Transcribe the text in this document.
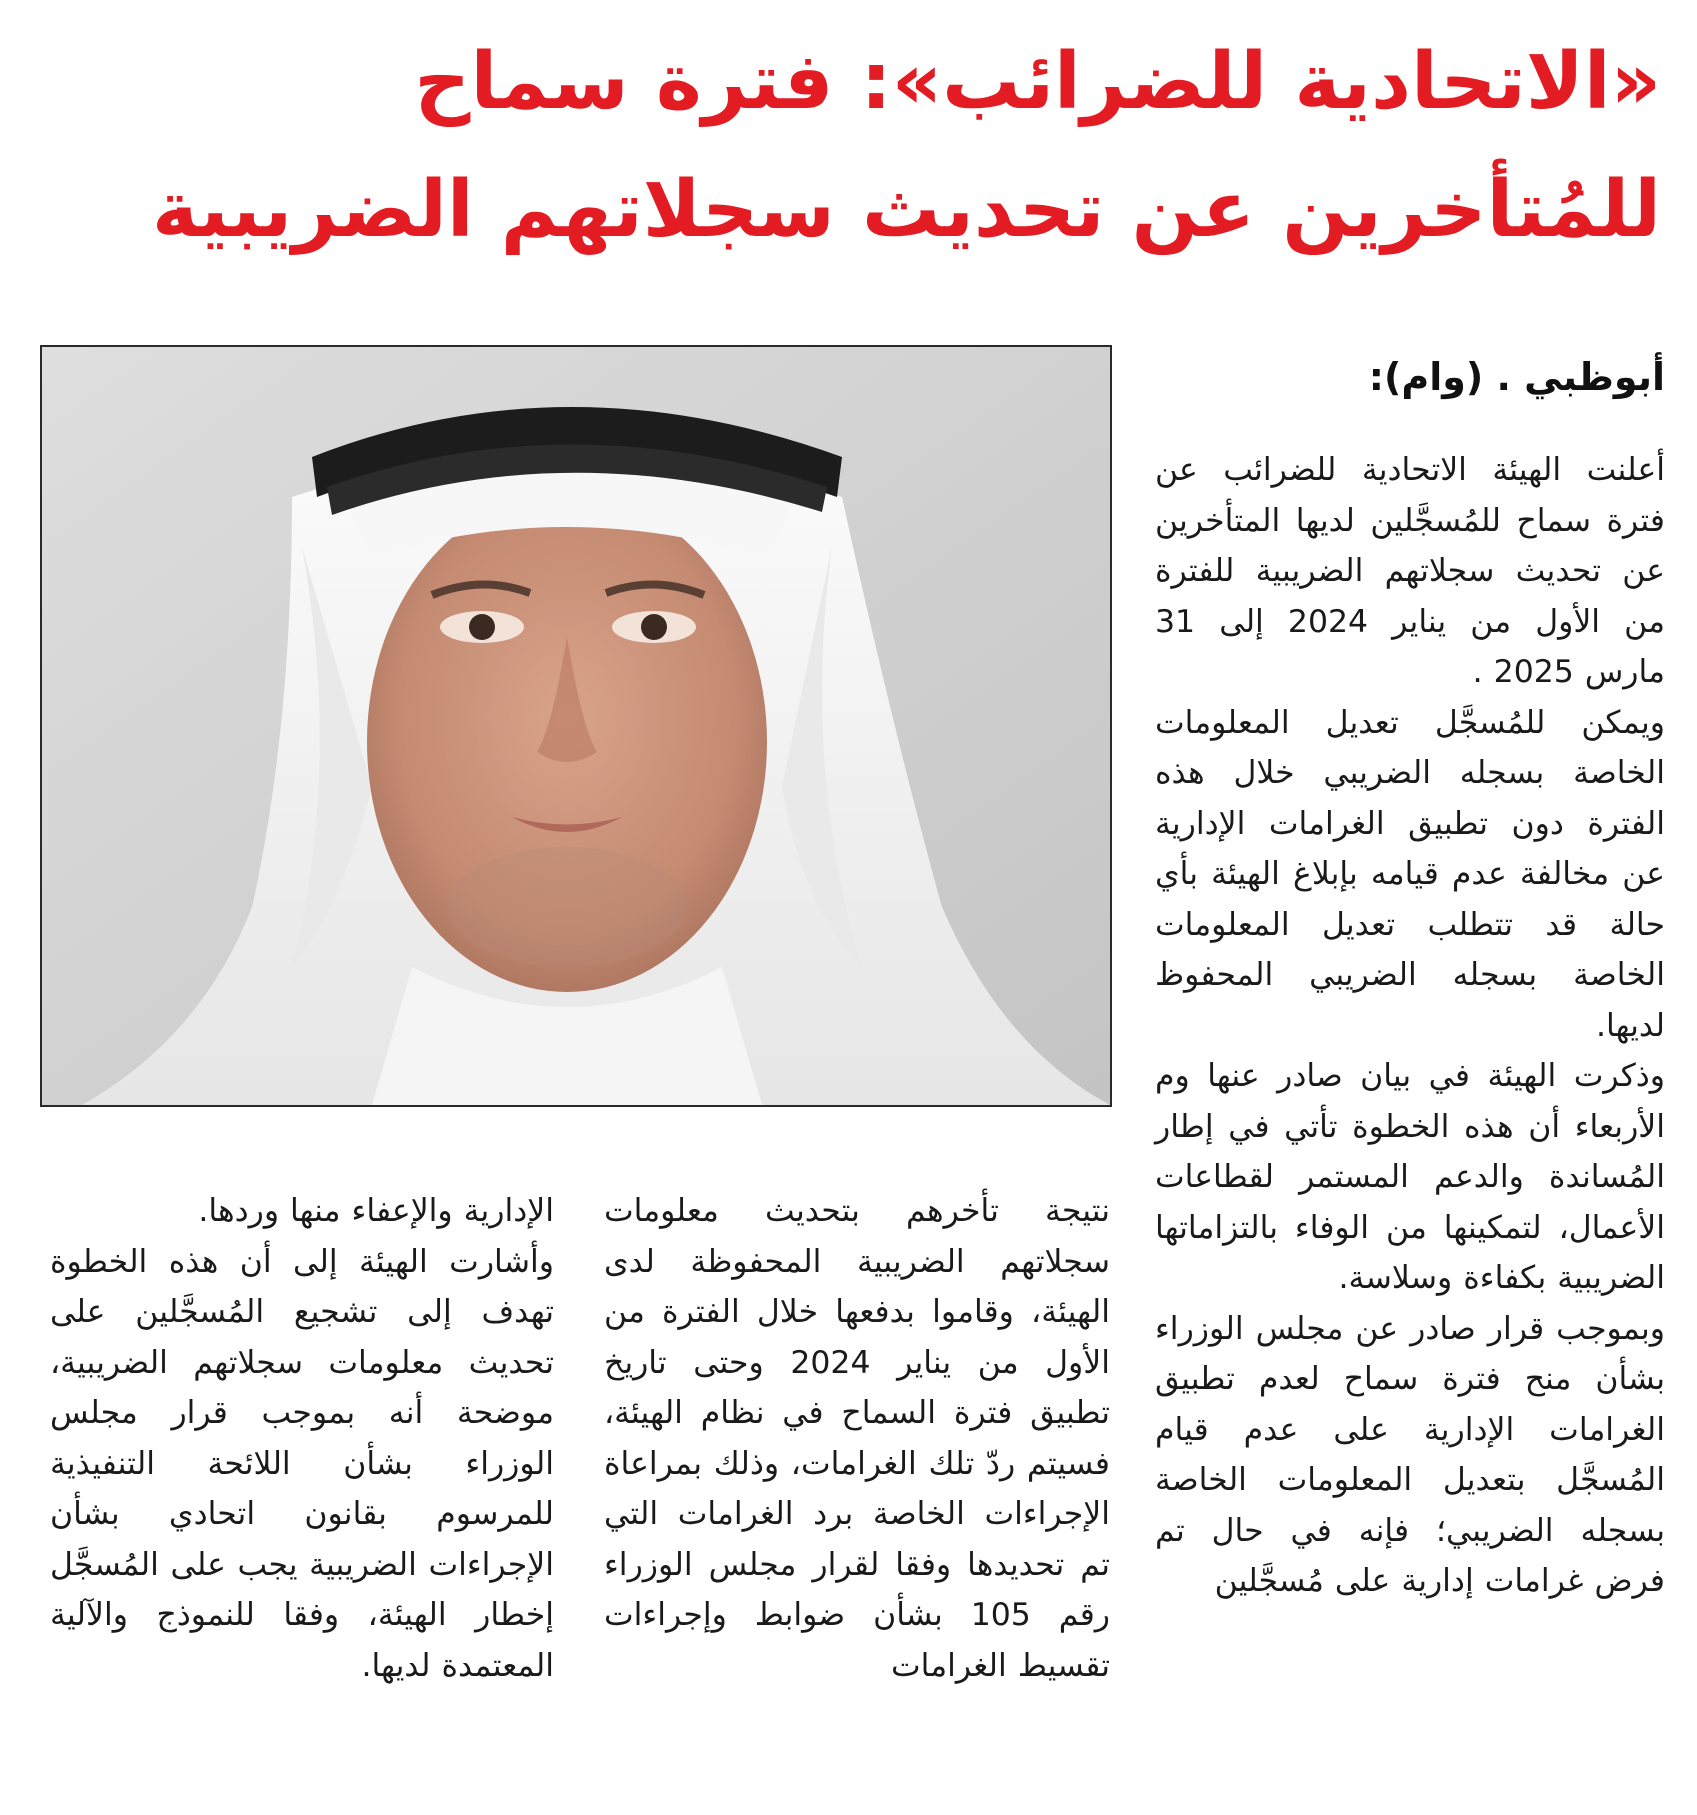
«الاتحادية للضرائب»: فترة سماح للمُتأخرين عن تحديث سجلاتهم الضريبية
أبوظبي . (وام):

أعلنت الهيئة الاتحادية للضرائب عن فترة سماح للمُسجَّلين لديها المتأخرين عن تحديث سجلاتهم الضريبية للفترة من الأول من يناير 2024 إلى 31 مارس 2025 .

ويمكن للمُسجَّل تعديل المعلومات الخاصة بسجله الضريبي خلال هذه الفترة دون تطبيق الغرامات الإدارية عن مخالفة عدم قيامه بإبلاغ الهيئة بأي حالة قد تتطلب تعديل المعلومات الخاصة بسجله الضريبي المحفوظ لديها.

وذكرت الهيئة في بيان صادر عنها وم الأربعاء أن هذه الخطوة تأتي في إطار المُساندة والدعم المستمر لقطاعات الأعمال، لتمكينها من الوفاء بالتزاماتها الضريبية بكفاءة وسلاسة.

وبموجب قرار صادر عن مجلس الوزراء بشأن منح فترة سماح لعدم تطبيق الغرامات الإدارية على عدم قيام المُسجَّل بتعديل المعلومات الخاصة بسجله الضريبي؛ فإنه في حال تم فرض غرامات إدارية على مُسجَّلين

نتيجة تأخرهم بتحديث معلومات سجلاتهم الضريبية المحفوظة لدى الهيئة، وقاموا بدفعها خلال الفترة من الأول من يناير 2024 وحتى تاريخ تطبيق فترة السماح في نظام الهيئة، فسيتم ردّ تلك الغرامات، وذلك بمراعاة الإجراءات الخاصة برد الغرامات التي تم تحديدها وفقا لقرار مجلس الوزراء رقم 105 بشأن ضوابط وإجراءات تقسيط الغرامات

الإدارية والإعفاء منها وردها.

وأشارت الهيئة إلى أن هذه الخطوة تهدف إلى تشجيع المُسجَّلين على تحديث معلومات سجلاتهم الضريبية، موضحة أنه بموجب قرار مجلس الوزراء بشأن اللائحة التنفيذية للمرسوم بقانون اتحادي بشأن الإجراءات الضريبية يجب على المُسجَّل إخطار الهيئة، وفقا للنموذج والآلية المعتمدة لديها.
